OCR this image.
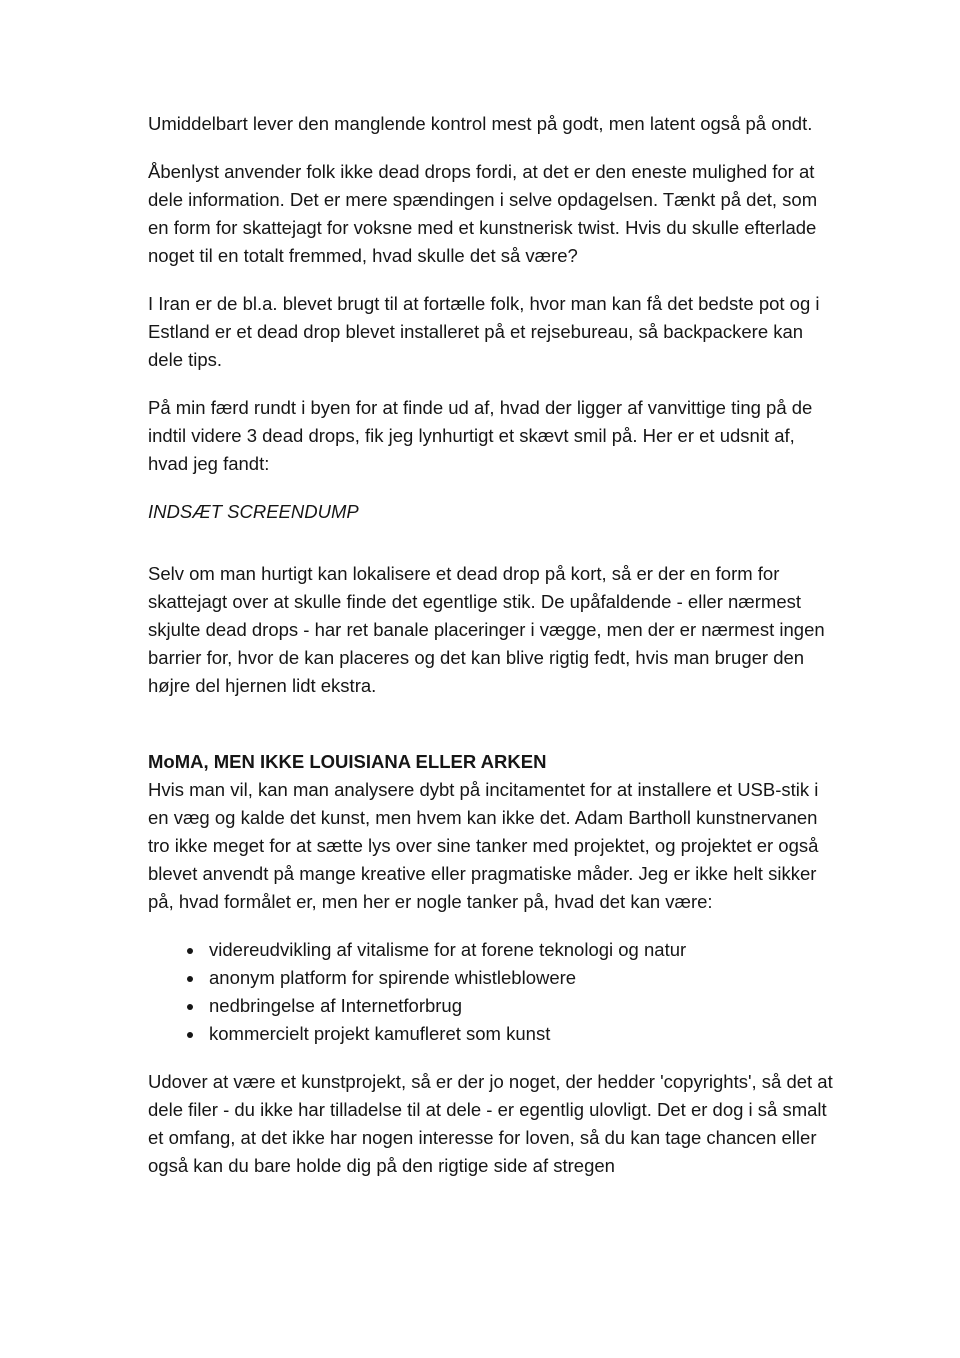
Umiddelbart lever den manglende kontrol mest på godt, men latent også på ondt.

Åbenlyst anvender folk ikke dead drops fordi, at det er den eneste mulighed for at dele information. Det er mere spændingen i selve opdagelsen. Tænkt på det, som en form for skattejagt for voksne med et kunstnerisk twist. Hvis du skulle efterlade noget til en totalt fremmed, hvad skulle det så være?

I Iran er de bl.a. blevet brugt til at fortælle folk, hvor man kan få det bedste pot og i Estland er et dead drop blevet installeret på et rejsebureau, så backpackere kan dele tips.

På min færd rundt i byen for at finde ud af, hvad der ligger af vanvittige ting på de indtil videre 3 dead drops, fik jeg lynhurtigt et skævt smil på. Her er et udsnit af, hvad jeg fandt:

INDSÆT SCREENDUMP

Selv om man hurtigt kan lokalisere et dead drop på kort, så er der en form for skattejagt over at skulle finde det egentlige stik. De upåfaldende - eller nærmest skjulte dead drops - har ret banale placeringer i vægge, men der er nærmest ingen barrier for, hvor de kan placeres og det kan blive rigtig fedt, hvis man bruger den højre del hjernen lidt ekstra.

MoMA, MEN IKKE LOUISIANA ELLER ARKEN

Hvis man vil, kan man analysere dybt på incitamentet for at installere et USB-stik i en væg og kalde det kunst, men hvem kan ikke det. Adam Bartholl kunstnervanen tro ikke meget for at sætte lys over sine tanker med projektet, og projektet er også blevet anvendt på mange kreative eller pragmatiske måder. Jeg er ikke helt sikker på, hvad formålet er, men her er nogle tanker på, hvad det kan være:

• videreudvikling af vitalisme for at forene teknologi og natur
• anonym platform for spirende whistleblowere
• nedbringelse af Internetforbrug
• kommercielt projekt kamufleret som kunst

Udover at være et kunstprojekt, så er der jo noget, der hedder 'copyrights', så det at dele filer - du ikke har tilladelse til at dele - er egentlig ulovligt. Det er dog i så smalt et omfang, at det ikke har nogen interesse for loven, så du kan tage chancen eller også kan du bare holde dig på den rigtige side af stregen
